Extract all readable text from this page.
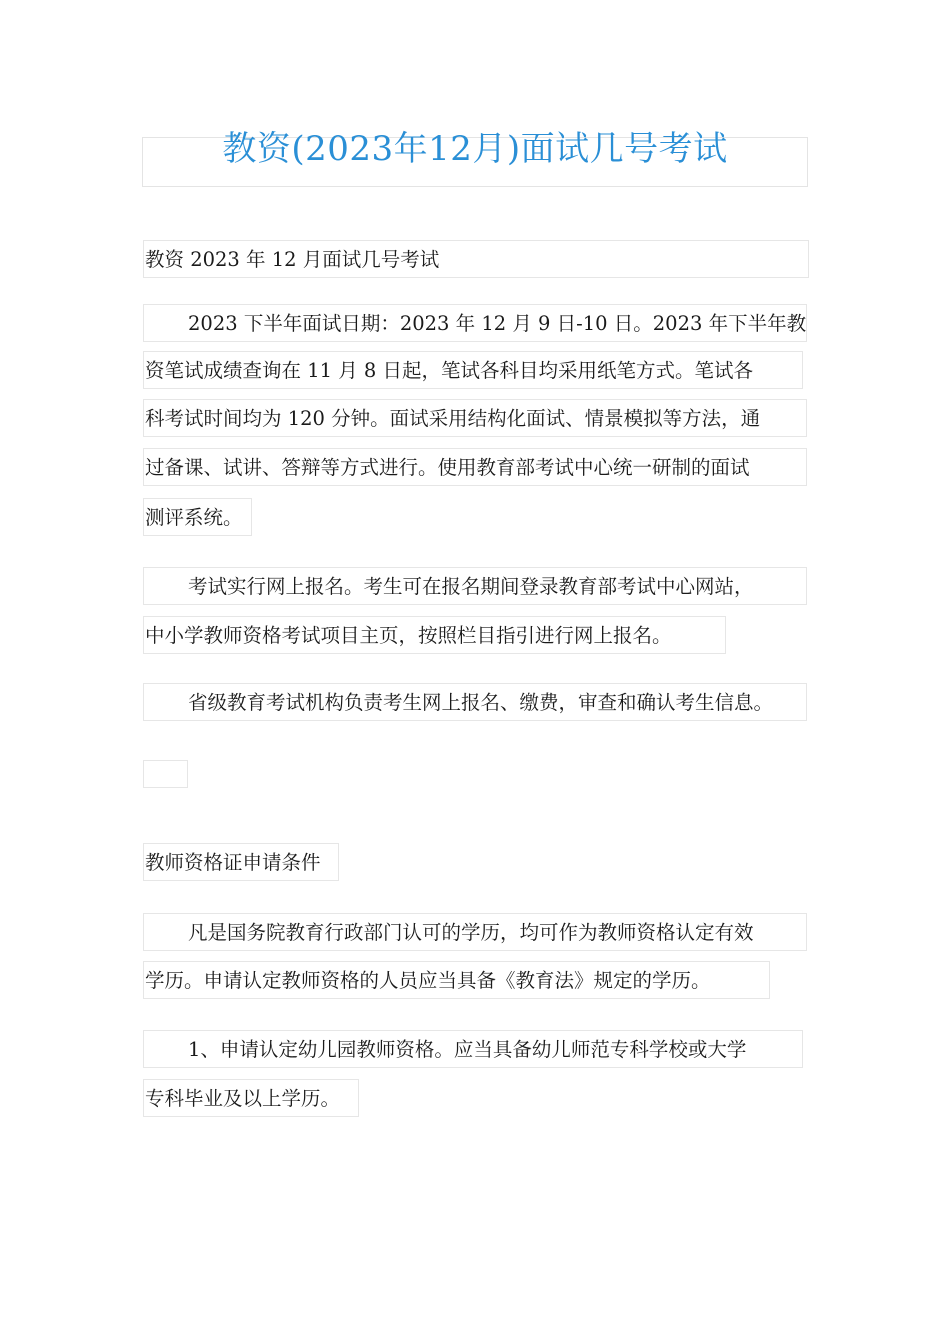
教资(2023年12月)面试几号考试
教资 2023 年 12 月面试几号考试
2023 下半年面试日期：2023 年 12 月 9 日-10 日。2023 年下半年教
资笔试成绩查询在 11 月 8 日起，笔试各科目均采用纸笔方式。笔试各
科考试时间均为 120 分钟。面试采用结构化面试、情景模拟等方法，通
过备课、试讲、答辩等方式进行。使用教育部考试中心统一研制的面试
测评系统。
考试实行网上报名。考生可在报名期间登录教育部考试中心网站，
中小学教师资格考试项目主页，按照栏目指引进行网上报名。
省级教育考试机构负责考生网上报名、缴费，审查和确认考生信息。
教师资格证申请条件
凡是国务院教育行政部门认可的学历，均可作为教师资格认定有效
学历。申请认定教师资格的人员应当具备《教育法》规定的学历。
1、申请认定幼儿园教师资格。应当具备幼儿师范专科学校或大学
专科毕业及以上学历。
